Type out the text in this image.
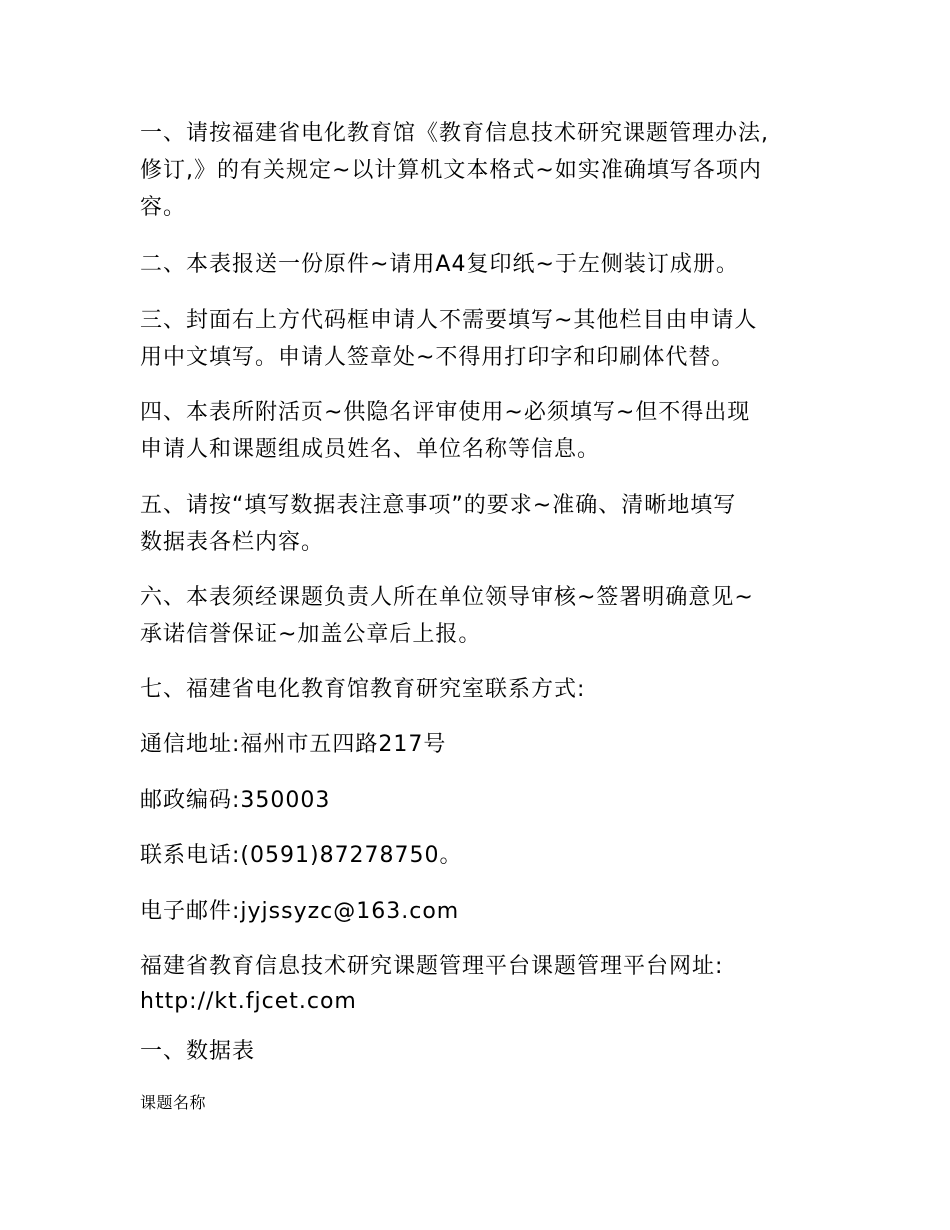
一、请按福建省电化教育馆《教育信息技术研究课题管理办法,
修订,》的有关规定~以计算机文本格式~如实准确填写各项内
容。
二、本表报送一份原件~请用A4复印纸~于左侧装订成册。
三、封面右上方代码框申请人不需要填写~其他栏目由申请人
用中文填写。申请人签章处~不得用打印字和印刷体代替。
四、本表所附活页~供隐名评审使用~必须填写~但不得出现
申请人和课题组成员姓名、单位名称等信息。
五、请按“填写数据表注意事项”的要求~准确、清晰地填写
数据表各栏内容。
六、本表须经课题负责人所在单位领导审核~签署明确意见~
承诺信誉保证~加盖公章后上报。
七、福建省电化教育馆教育研究室联系方式:
通信地址:福州市五四路217号
邮政编码:350003
联系电话:(0591)87278750。
电子邮件:jyjssyzc@163.com
福建省教育信息技术研究课题管理平台课题管理平台网址:
http://kt.fjcet.com
一、数据表
课题名称
